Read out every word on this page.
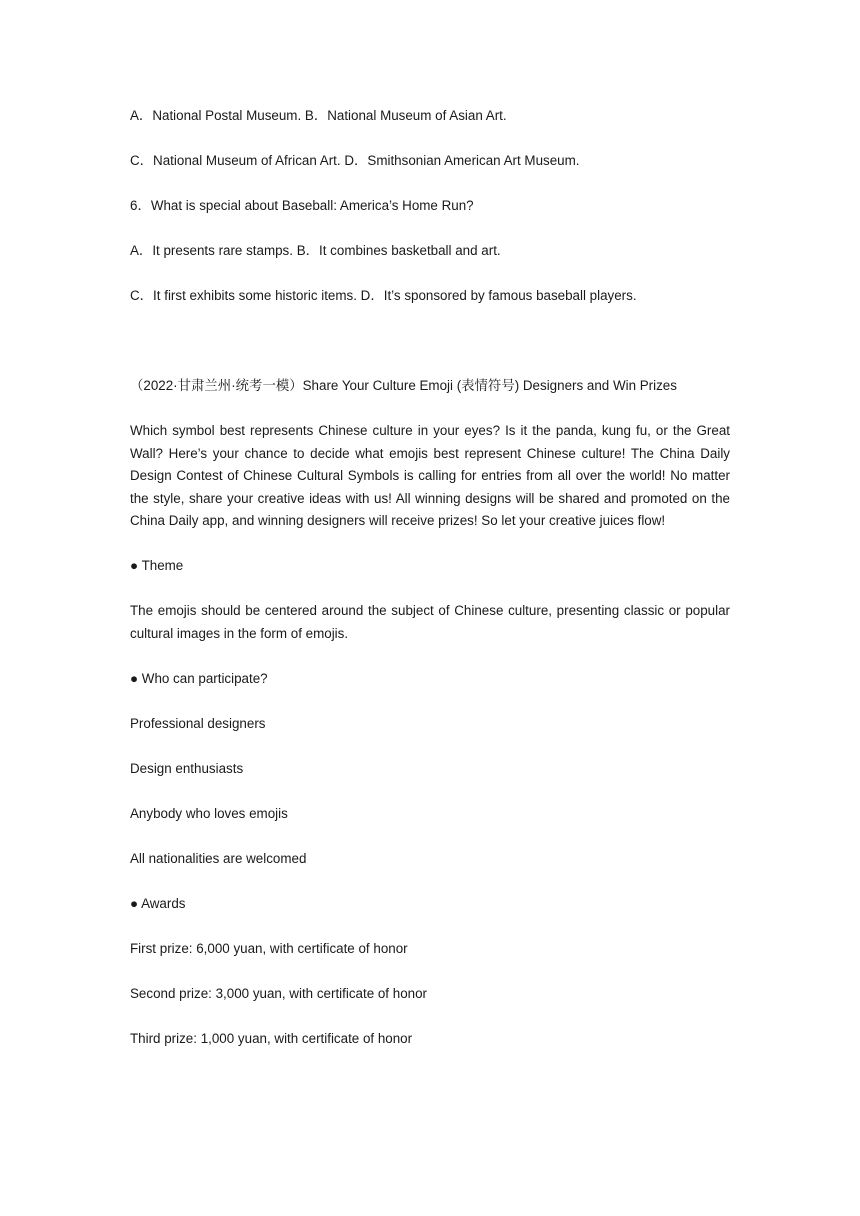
A．National Postal Museum. B．National Museum of Asian Art.
C．National Museum of African Art. D．Smithsonian American Art Museum.
6．What is special about Baseball: America’s Home Run?
A．It presents rare stamps. B．It combines basketball and art.
C．It first exhibits some historic items. D．It’s sponsored by famous baseball players.
（2022·甘肃兰州·统考一模）Share Your Culture Emoji (表情符号) Designers and Win Prizes
Which symbol best represents Chinese culture in your eyes? Is it the panda, kung fu, or the Great Wall? Here’s your chance to decide what emojis best represent Chinese culture! The China Daily Design Contest of Chinese Cultural Symbols is calling for entries from all over the world! No matter the style, share your creative ideas with us! All winning designs will be shared and promoted on the China Daily app, and winning designers will receive prizes! So let your creative juices flow!
● Theme
The emojis should be centered around the subject of Chinese culture, presenting classic or popular cultural images in the form of emojis.
● Who can participate?
Professional designers
Design enthusiasts
Anybody who loves emojis
All nationalities are welcomed
● Awards
First prize: 6,000 yuan, with certificate of honor
Second prize: 3,000 yuan, with certificate of honor
Third prize: 1,000 yuan, with certificate of honor
